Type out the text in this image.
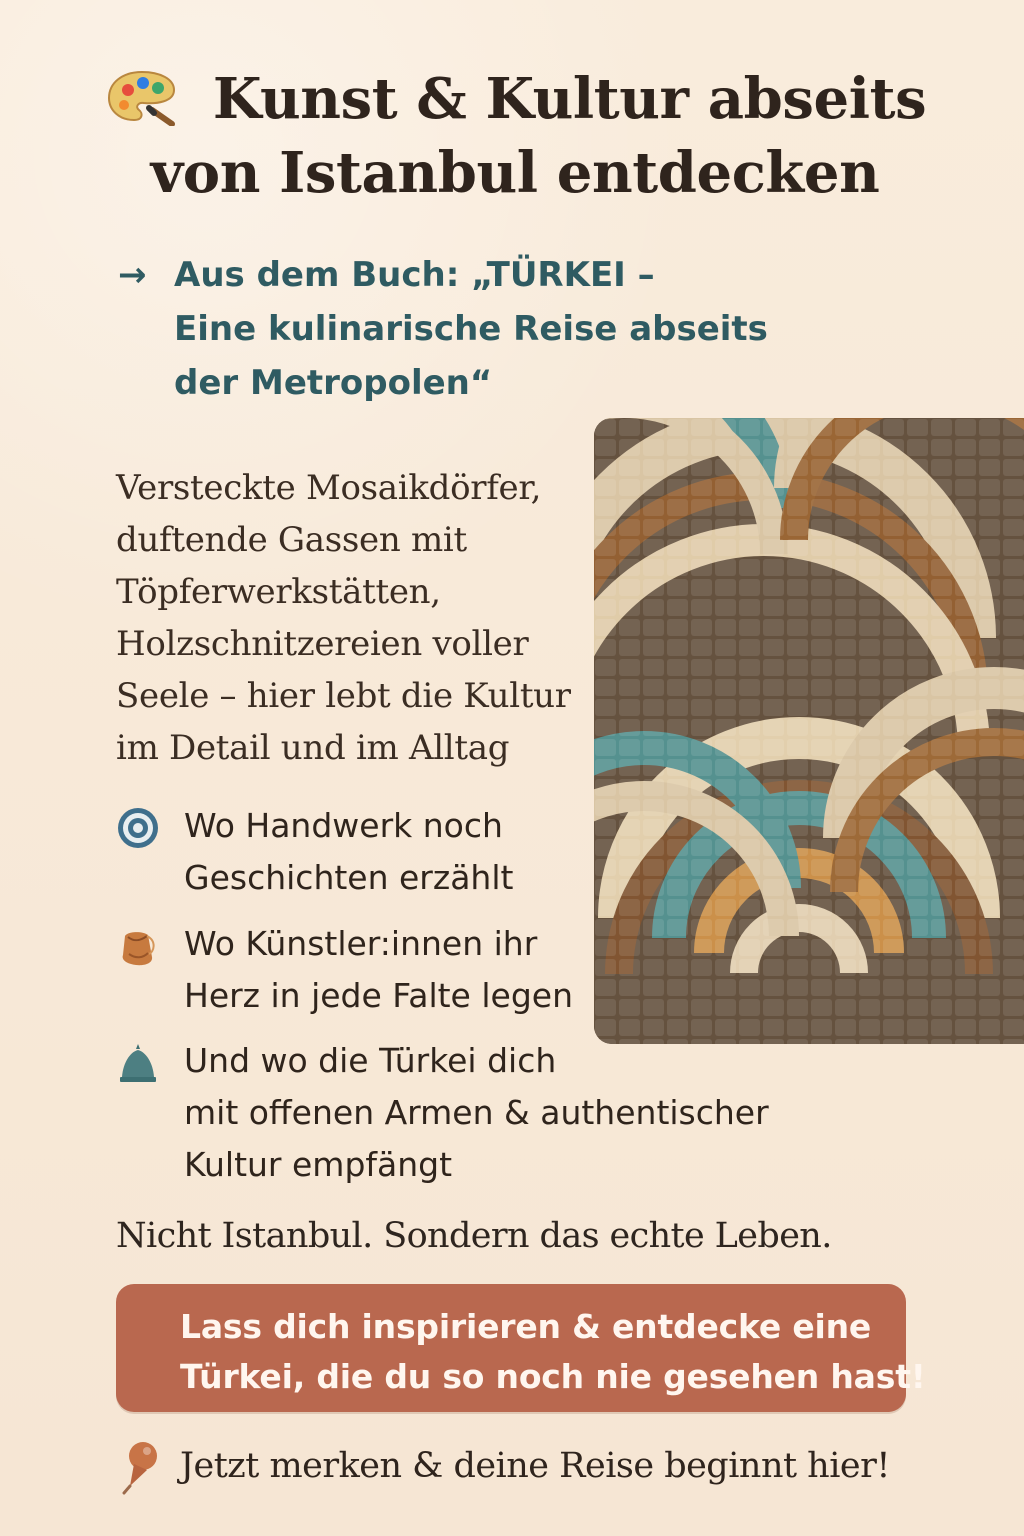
Kunst & Kultur abseits
von Istanbul entdecken
→ Aus dem Buch: „TÜRKEI –
Eine kulinarische Reise abseits
der Metropolen“
Versteckte Mosaikdörfer,
duftende Gassen mit
Töpferwerkstätten,
Holzschnitzereien voller
Seele – hier lebt die Kultur
im Detail und im Alltag
Wo Handwerk noch
Geschichten erzählt
Wo Künstler:innen ihr
Herz in jede Falte legen
Und wo die Türkei dich
mit offenen Armen & authentischer
Kultur empfängt
Nicht Istanbul. Sondern das echte Leben.
Lass dich inspirieren & entdecke eine
Türkei, die du so noch nie gesehen hast!
Jetzt merken & deine Reise beginnt hier!
